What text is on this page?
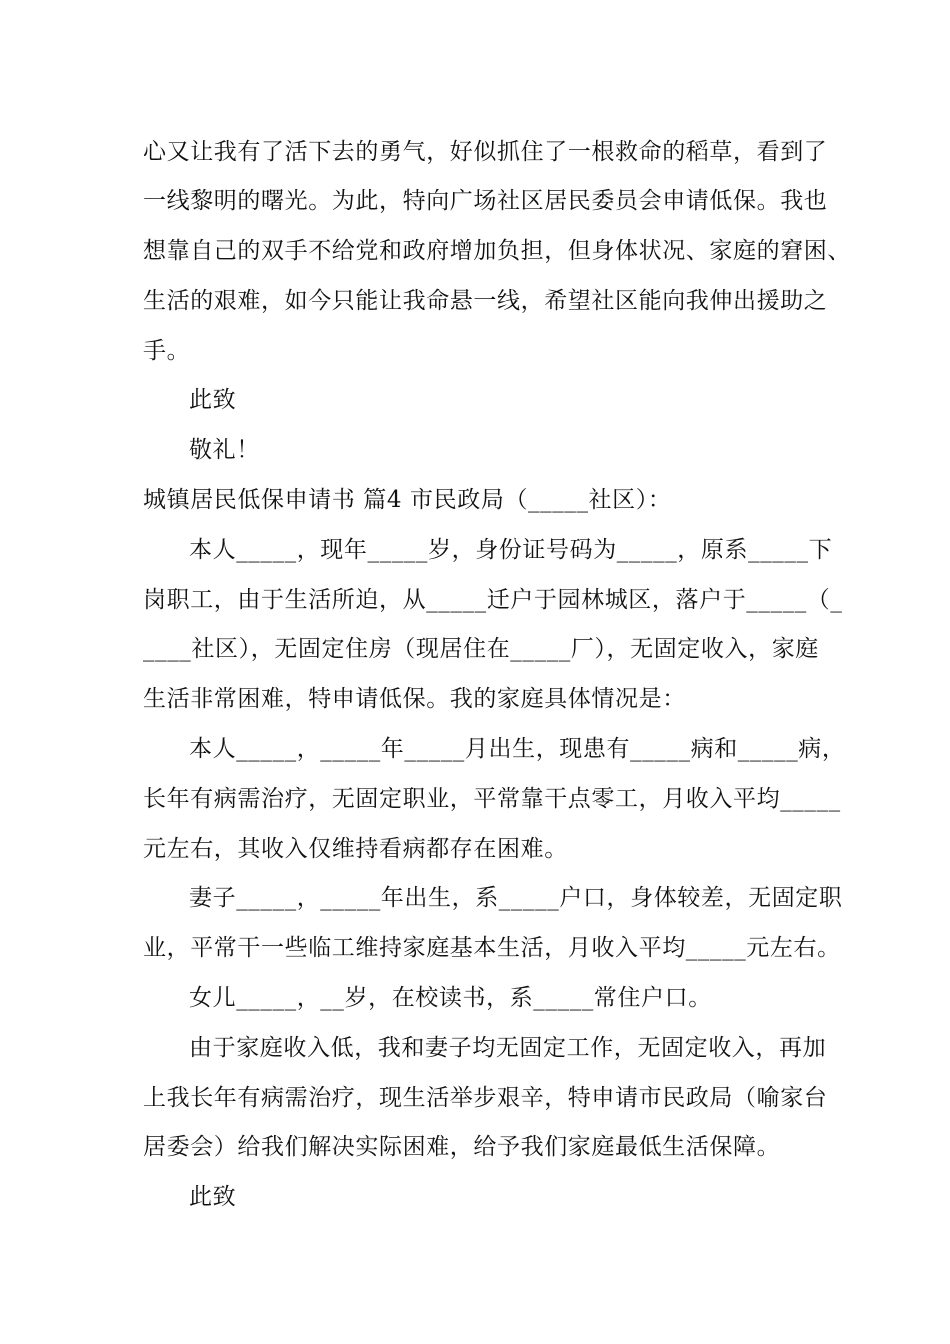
心又让我有了活下去的勇气，好似抓住了一根救命的稻草，看到了
一线黎明的曙光。为此，特向广场社区居民委员会申请低保。我也
想靠自己的双手不给党和政府增加负担，但身体状况、家庭的窘困、
生活的艰难，如今只能让我命悬一线，希望社区能向我伸出援助之
手。
此致
敬礼！
城镇居民低保申请书 篇4 市民政局（_____社区）：
本人_____，现年_____岁，身份证号码为_____，原系_____下
岗职工，由于生活所迫，从_____迁户于园林城区，落户于_____（_
____社区），无固定住房（现居住在_____厂），无固定收入，家庭
生活非常困难，特申请低保。我的家庭具体情况是：
本人_____，_____年_____月出生，现患有_____病和_____病，
长年有病需治疗，无固定职业，平常靠干点零工，月收入平均_____
元左右，其收入仅维持看病都存在困难。
妻子_____，_____年出生，系_____户口，身体较差，无固定职
业，平常干一些临工维持家庭基本生活，月收入平均_____元左右。
女儿_____，__岁，在校读书，系_____常住户口。
由于家庭收入低，我和妻子均无固定工作，无固定收入，再加
上我长年有病需治疗，现生活举步艰辛，特申请市民政局（喻家台
居委会）给我们解决实际困难，给予我们家庭最低生活保障。
此致
